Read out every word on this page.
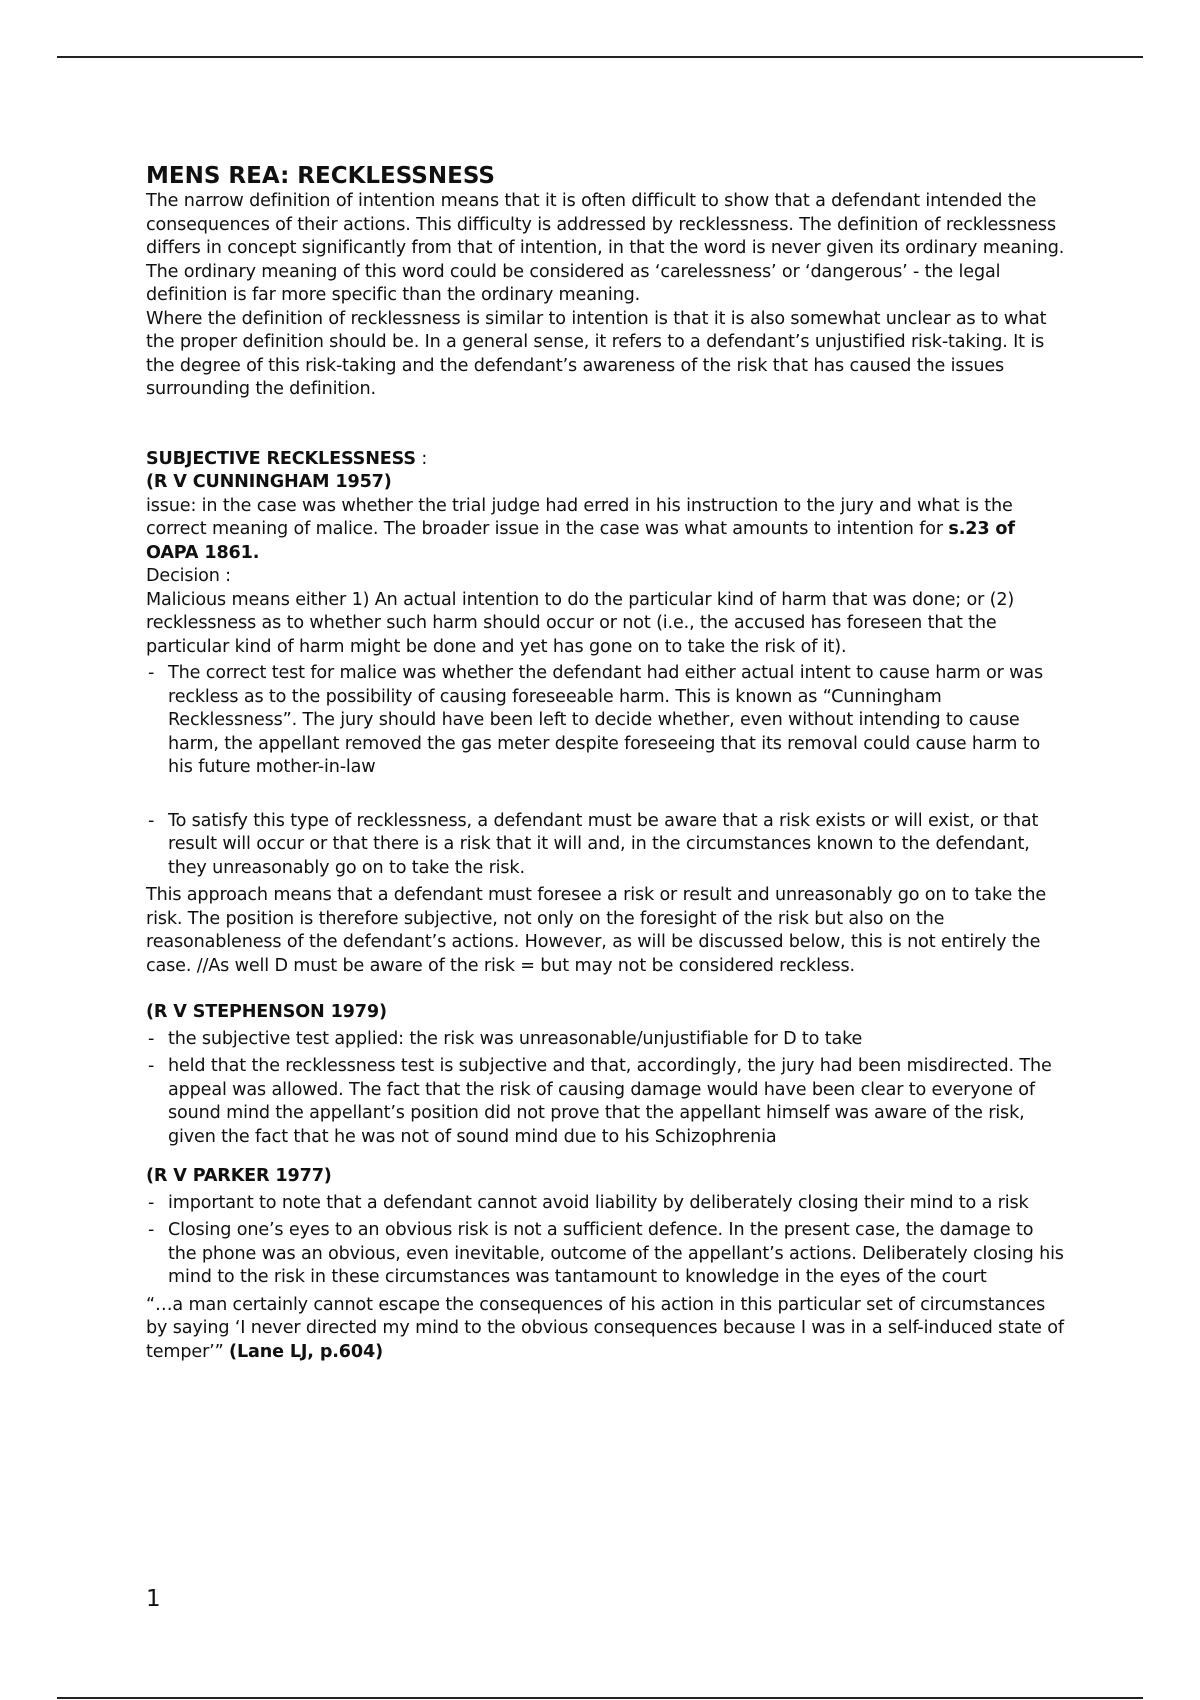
MENS REA: RECKLESSNESS

The narrow definition of intention means that it is often difficult to show that a defendant intended the consequences of their actions. This difficulty is addressed by recklessness. The definition of recklessness differs in concept significantly from that of intention, in that the word is never given its ordinary meaning. The ordinary meaning of this word could be considered as ‘carelessness’ or ‘dangerous’ - the legal definition is far more specific than the ordinary meaning.

Where the definition of recklessness is similar to intention is that it is also somewhat unclear as to what the proper definition should be. In a general sense, it refers to a defendant’s unjustified risk-taking. It is the degree of this risk-taking and the defendant’s awareness of the risk that has caused the issues surrounding the definition.

SUBJECTIVE RECKLESSNESS :

(R V CUNNINGHAM 1957)

issue: in the case was whether the trial judge had erred in his instruction to the jury and what is the correct meaning of malice. The broader issue in the case was what amounts to intention for s.23 of OAPA 1861.

Decision :

Malicious means either 1) An actual intention to do the particular kind of harm that was done; or (2) recklessness as to whether such harm should occur or not (i.e., the accused has foreseen that the particular kind of harm might be done and yet has gone on to take the risk of it).

- The correct test for malice was whether the defendant had either actual intent to cause harm or was reckless as to the possibility of causing foreseeable harm. This is known as “Cunningham Recklessness”. The jury should have been left to decide whether, even without intending to cause harm, the appellant removed the gas meter despite foreseeing that its removal could cause harm to his future mother-in-law
- To satisfy this type of recklessness, a defendant must be aware that a risk exists or will exist, or that result will occur or that there is a risk that it will and, in the circumstances known to the defendant, they unreasonably go on to take the risk.

This approach means that a defendant must foresee a risk or result and unreasonably go on to take the risk. The position is therefore subjective, not only on the foresight of the risk but also on the reasonableness of the defendant’s actions. However, as will be discussed below, this is not entirely the case. //As well D must be aware of the risk = but may not be considered reckless.

(R V STEPHENSON 1979)

- the subjective test applied: the risk was unreasonable/unjustifiable for D to take
- held that the recklessness test is subjective and that, accordingly, the jury had been misdirected. The appeal was allowed. The fact that the risk of causing damage would have been clear to everyone of sound mind the appellant’s position did not prove that the appellant himself was aware of the risk, given the fact that he was not of sound mind due to his Schizophrenia

(R V PARKER 1977)

- important to note that a defendant cannot avoid liability by deliberately closing their mind to a risk
- Closing one’s eyes to an obvious risk is not a sufficient defence. In the present case, the damage to the phone was an obvious, even inevitable, outcome of the appellant’s actions. Deliberately closing his mind to the risk in these circumstances was tantamount to knowledge in the eyes of the court

“…a man certainly cannot escape the consequences of his action in this particular set of circumstances by saying ‘I never directed my mind to the obvious consequences because I was in a self-induced state of temper’” (Lane LJ, p.604)

1
